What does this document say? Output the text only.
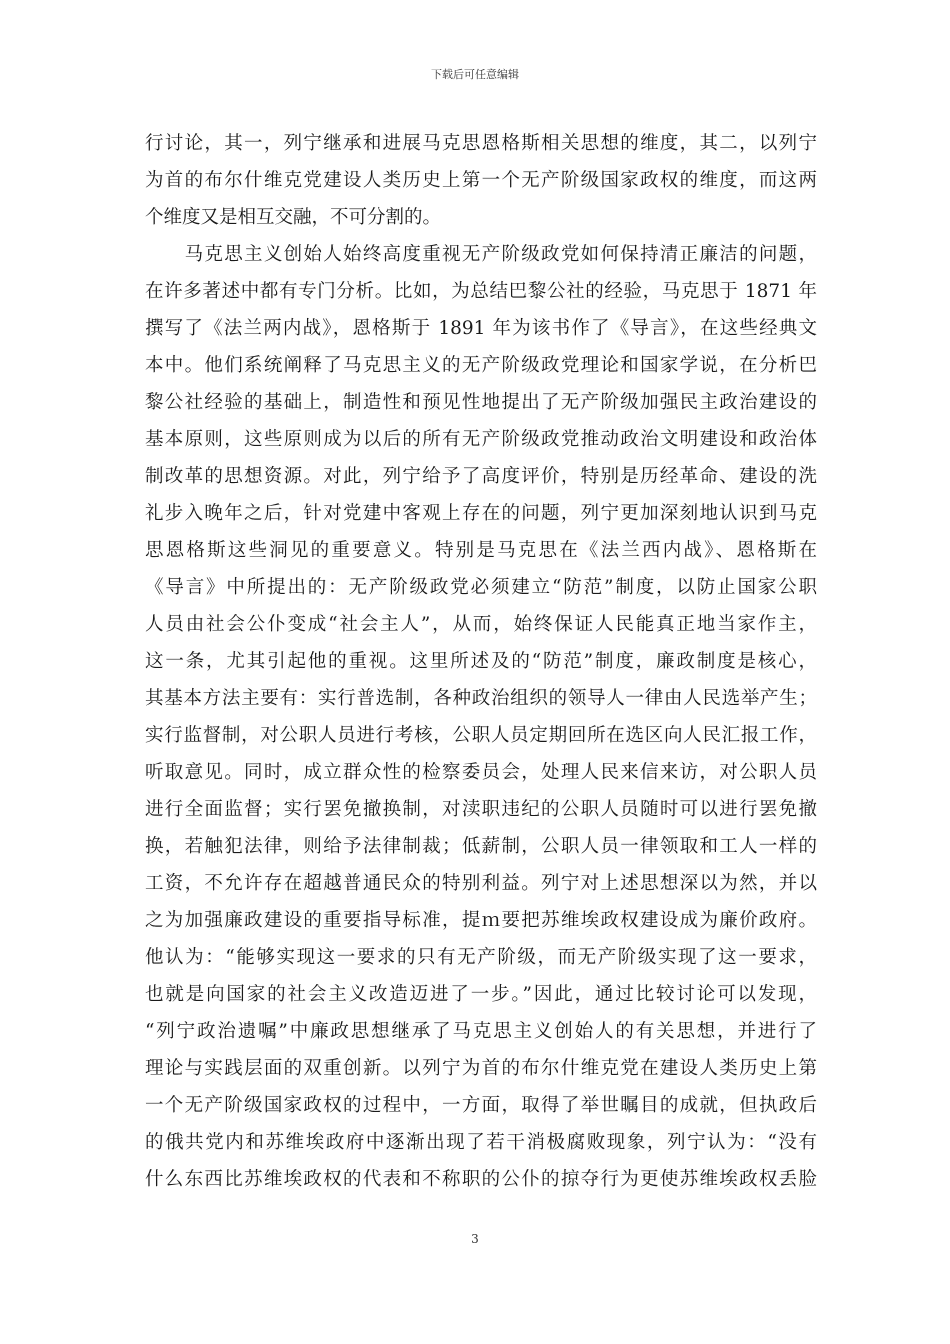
下载后可任意编辑
行讨论，其一，列宁继承和进展马克思恩格斯相关思想的维度，其二，以列宁
为首的布尔什维克党建设人类历史上第一个无产阶级国家政权的维度，而这两
个维度又是相互交融，不可分割的。
　　马克思主义创始人始终高度重视无产阶级政党如何保持清正廉洁的问题，
在许多著述中都有专门分析。比如，为总结巴黎公社的经验，马克思于 1871 年
撰写了《法兰两内战》，恩格斯于 1891 年为该书作了《导言》，在这些经典文
本中。他们系统阐释了马克思主义的无产阶级政党理论和国家学说，在分析巴
黎公社经验的基础上，制造性和预见性地提出了无产阶级加强民主政治建设的
基本原则，这些原则成为以后的所有无产阶级政党推动政治文明建设和政治体
制改革的思想资源。对此，列宁给予了高度评价，特别是历经革命、建设的洗
礼步入晚年之后，针对党建中客观上存在的问题，列宁更加深刻地认识到马克
思恩格斯这些洞见的重要意义。特别是马克思在《法兰西内战》、恩格斯在
《导言》中所提出的：无产阶级政党必须建立“防范”制度，以防止国家公职
人员由社会公仆变成“社会主人”，从而，始终保证人民能真正地当家作主，
这一条，尤其引起他的重视。这里所述及的“防范”制度，廉政制度是核心，
其基本方法主要有：实行普选制，各种政治组织的领导人一律由人民选举产生；
实行监督制，对公职人员进行考核，公职人员定期回所在选区向人民汇报工作，
听取意见。同时，成立群众性的检察委员会，处理人民来信来访，对公职人员
进行全面监督；实行罢免撤换制，对渎职违纪的公职人员随时可以进行罢免撤
换，若触犯法律，则给予法律制裁；低薪制，公职人员一律领取和工人一样的
工资，不允许存在超越普通民众的特别利益。列宁对上述思想深以为然，并以
之为加强廉政建设的重要指导标准，提ｍ要把苏维埃政权建设成为廉价政府。
他认为：“能够实现这一要求的只有无产阶级，而无产阶级实现了这一要求，
也就是向国家的社会主义改造迈进了一步。”因此，通过比较讨论可以发现，
“列宁政治遗嘱”中廉政思想继承了马克思主义创始人的有关思想，并进行了
理论与实践层面的双重创新。以列宁为首的布尔什维克党在建设人类历史上第
一个无产阶级国家政权的过程中，一方面，取得了举世瞩目的成就，但执政后
的俄共党内和苏维埃政府中逐渐出现了若干消极腐败现象，列宁认为：“没有
什么东西比苏维埃政权的代表和不称职的公仆的掠夺行为更使苏维埃政权丢脸
3
